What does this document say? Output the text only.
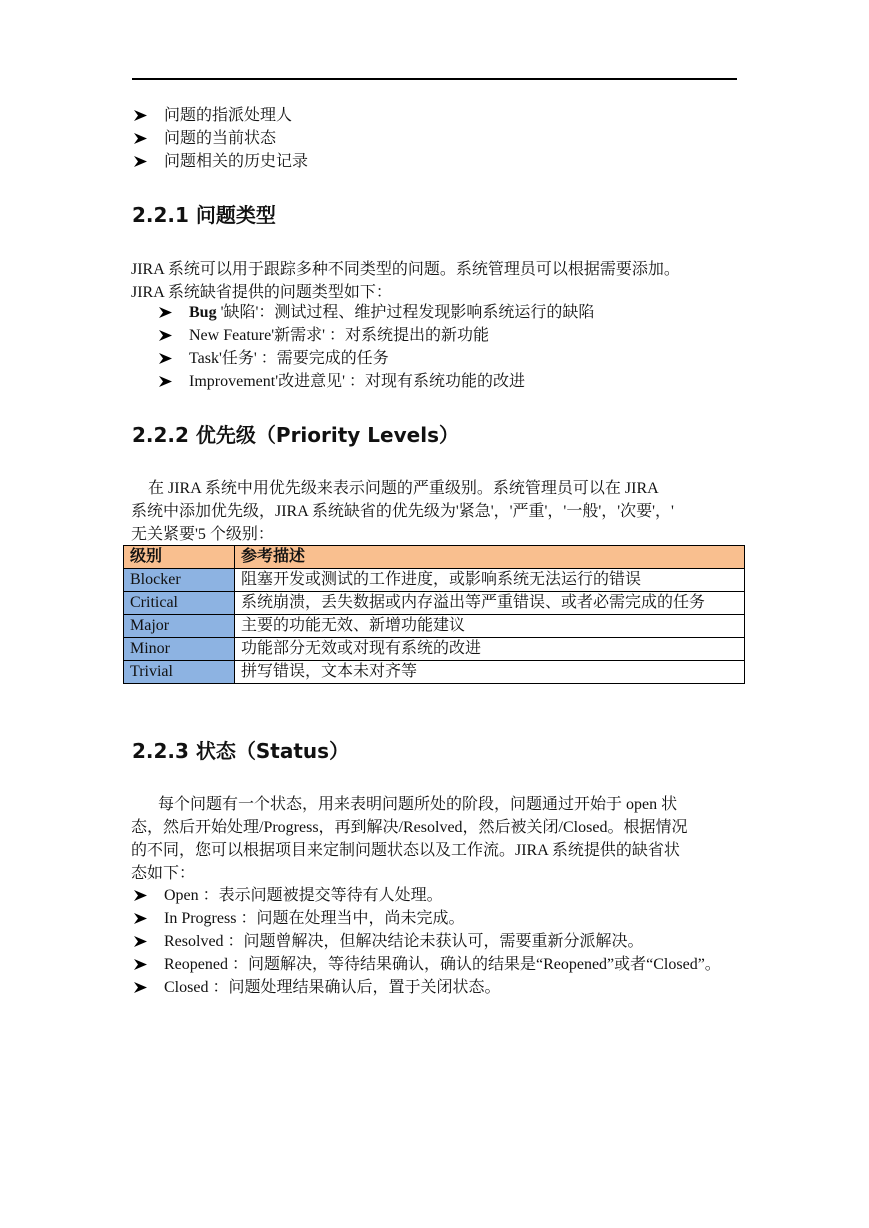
问题的指派处理人
问题的当前状态
问题相关的历史记录
2.2.1 问题类型

JIRA 系统可以用于跟踪多种不同类型的问题。系统管理员可以根据需要添加。
JIRA 系统缺省提供的问题类型如下：

Bug '缺陷'：测试过程、维护过程发现影响系统运行的缺陷
New Feature'新需求' ：对系统提出的新功能
Task'任务' ：需要完成的任务
Improvement'改进意见' ：对现有系统功能的改进
2.2.2 优先级（Priority Levels）

在 JIRA 系统中用优先级来表示问题的严重级别。系统管理员可以在 JIRA
系统中添加优先级，JIRA 系统缺省的优先级为'紧急'，'严重'，'一般'，'次要'，'
无关紧要'5 个级别：

级别	参考描述
Blocker	阻塞开发或测试的工作进度，或影响系统无法运行的错误
Critical	系统崩溃，丢失数据或内存溢出等严重错误、或者必需完成的任务
Major	主要的功能无效、新增功能建议
Minor	功能部分无效或对现有系统的改进
Trivial	拼写错误，文本未对齐等
2.2.3 状态（Status）

每个问题有一个状态，用来表明问题所处的阶段，问题通过开始于 open 状
态，然后开始处理/Progress，再到解决/Resolved，然后被关闭/Closed。根据情况
的不同，您可以根据项目来定制问题状态以及工作流。JIRA 系统提供的缺省状
态如下：

Open ：表示问题被提交等待有人处理。
In Progress ：问题在处理当中，尚未完成。
Resolved ：问题曾解决，但解决结论未获认可，需要重新分派解决。
Reopened ：问题解决，等待结果确认，确认的结果是“Reopened”或者“Closed”。
Closed ：问题处理结果确认后，置于关闭状态。
